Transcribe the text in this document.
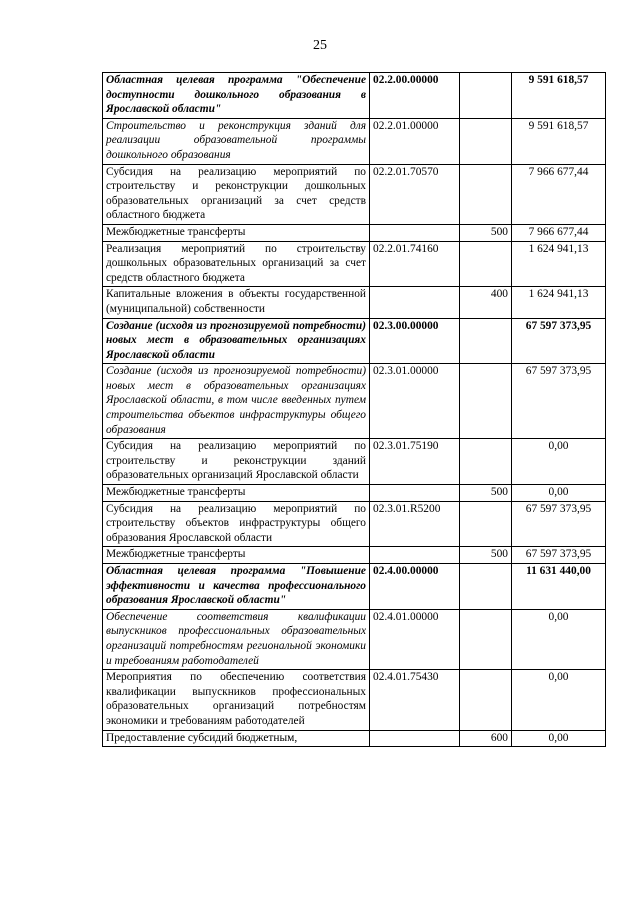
25
Областная целевая программа "Обеспечение доступности дошкольного образования в Ярославской области"	02.2.00.00000		9 591 618,57
Строительство и реконструкция зданий для реализации образовательной программы дошкольного образования	02.2.01.00000		9 591 618,57
Субсидия на реализацию мероприятий по строительству и реконструкции дошкольных образовательных организаций за счет средств областного бюджета	02.2.01.70570		7 966 677,44
Межбюджетные трансферты		500	7 966 677,44
Реализация мероприятий по строительству дошкольных образовательных организаций за счет средств областного бюджета	02.2.01.74160		1 624 941,13
Капитальные вложения в объекты государственной (муниципальной) собственности		400	1 624 941,13
Создание (исходя из прогнозируемой потребности) новых мест в образовательных организациях Ярославской области	02.3.00.00000		67 597 373,95
Создание (исходя из прогнозируемой потребности) новых мест в образовательных организациях Ярославской области, в том числе введенных путем строительства объектов инфраструктуры общего образования	02.3.01.00000		67 597 373,95
Субсидия на реализацию мероприятий по строительству и реконструкции зданий образовательных организаций Ярославской области	02.3.01.75190		0,00
Межбюджетные трансферты		500	0,00
Субсидия на реализацию мероприятий по строительству объектов инфраструктуры общего образования Ярославской области	02.3.01.R5200		67 597 373,95
Межбюджетные трансферты		500	67 597 373,95
Областная целевая программа "Повышение эффективности и качества профессионального образования Ярославской области"	02.4.00.00000		11 631 440,00
Обеспечение соответствия квалификации выпускников профессиональных образовательных организаций потребностям региональной экономики и требованиям работодателей	02.4.01.00000		0,00
Мероприятия по обеспечению соответствия квалификации выпускников профессиональных образовательных организаций потребностям экономики и требованиям работодателей	02.4.01.75430		0,00
Предоставление субсидий бюджетным,		600	0,00
